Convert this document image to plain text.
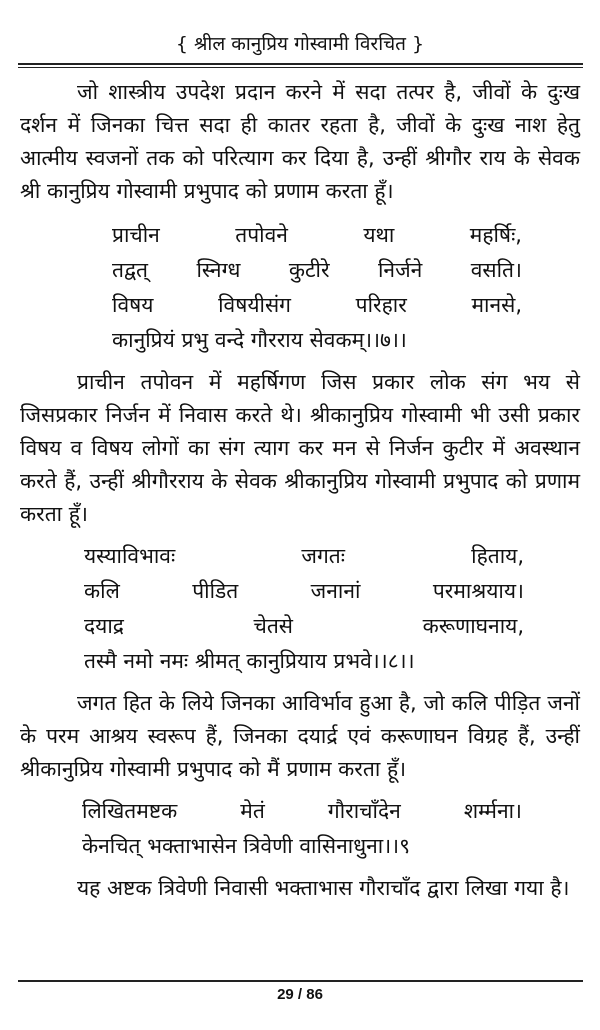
{ श्रील कानुप्रिय गोस्वामी विरचित }

जो शास्त्रीय उपदेश प्रदान करने में सदा तत्पर है, जीवों के दुःख दर्शन में जिनका चित्त सदा ही कातर रहता है, जीवों के दुःख नाश हेतु आत्मीय स्वजनों तक को परित्याग कर दिया है, उन्हीं श्रीगौर राय के सेवक श्री कानुप्रिय गोस्वामी प्रभुपाद को प्रणाम करता हूँ।

प्राचीन तपोवने यथा महर्षिः,
तद्वत् स्निग्ध कुटीरे निर्जने वसति।
विषय विषयीसंग परिहार मानसे,
कानुप्रियं प्रभु वन्दे गौरराय सेवकम्।।७।।

प्राचीन तपोवन में महर्षिगण जिस प्रकार लोक संग भय से जिसप्रकार निर्जन में निवास करते थे। श्रीकानुप्रिय गोस्वामी भी उसी प्रकार विषय व विषय लोगों का संग त्याग कर मन से निर्जन कुटीर में अवस्थान करते हैं, उन्हीं श्रीगौरराय के सेवक श्रीकानुप्रिय गोस्वामी प्रभुपाद को प्रणाम करता हूँ।

यस्याविभावः जगतः हिताय,
कलि पीडित जनानां परमाश्रयाय।
दयाद्र चेतसे करूणाघनाय,
तस्मै नमो नमः श्रीमत् कानुप्रियाय प्रभवे।।८।।

जगत हित के लिये जिनका आविर्भाव हुआ है, जो कलि पीड़ित जनों के परम आश्रय स्वरूप हैं, जिनका दयार्द्र एवं करूणाघन विग्रह हैं, उन्हीं श्रीकानुप्रिय गोस्वामी प्रभुपाद को मैं प्रणाम करता हूँ।

लिखितमष्टक मेतं गौराचाँदेन शर्म्मना।
केनचित् भक्ताभासेन त्रिवेणी वासिनाधुना।।९

यह अष्टक त्रिवेणी निवासी भक्ताभास गौराचाँद द्वारा लिखा गया है।

29 / 86
